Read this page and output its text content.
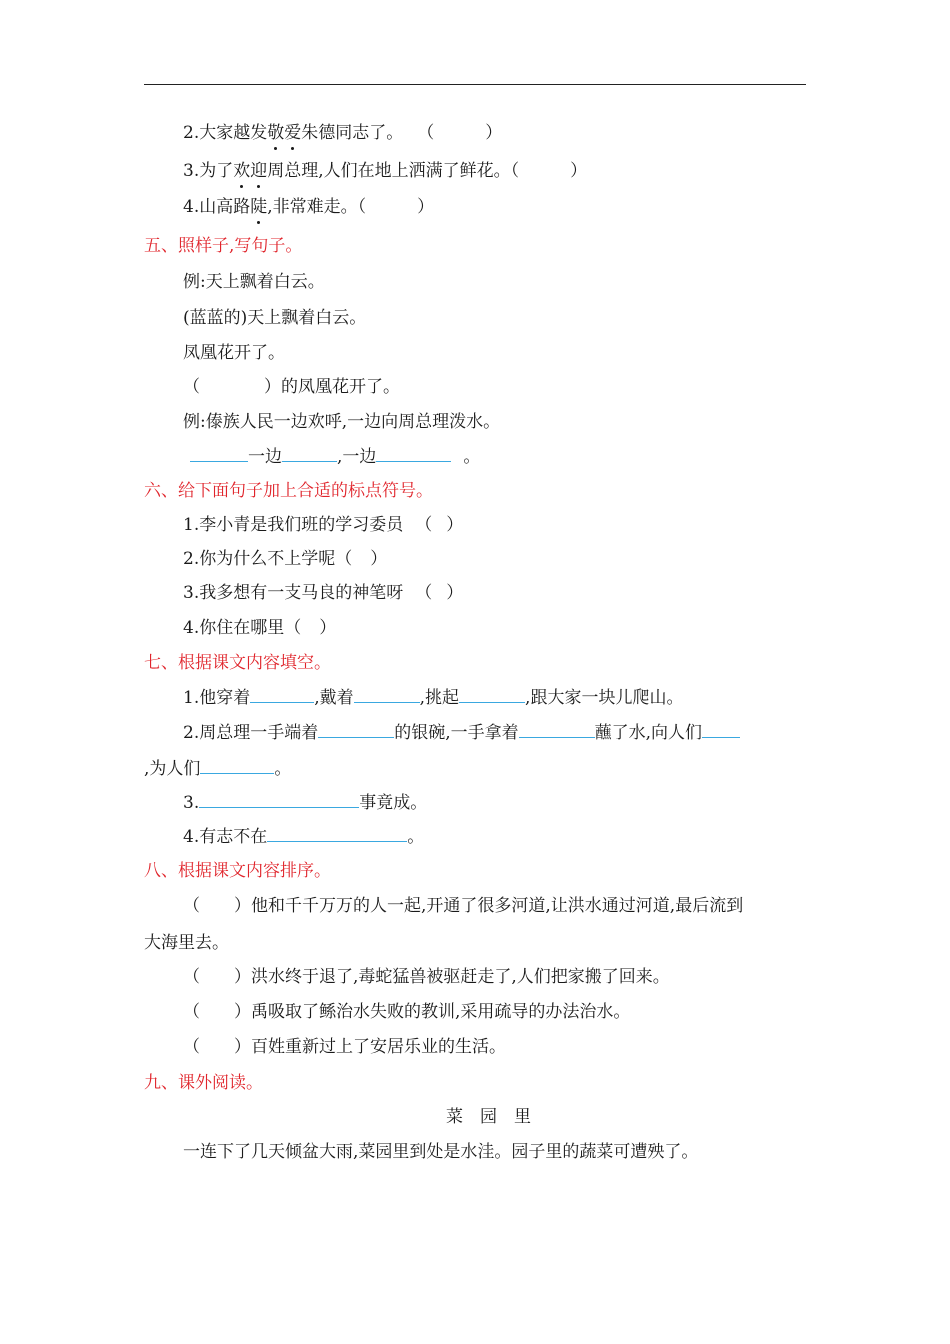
2.大家越发敬爱朱德同志了。 （　　　）
3.为了欢迎周总理,人们在地上洒满了鲜花。（　　　）
4.山高路陡,非常难走。（　　　）
五、照样子,写句子。
例:天上飘着白云。
(蓝蓝的)天上飘着白云。
凤凰花开了。
（	）的凤凰花开了。
例:傣族人民一边欢呼,一边向周总理泼水。
一边	,一边	。
六、给下面句子加上合适的标点符号。
1.李小青是我们班的学习委员 （ ）
2.你为什么不上学呢（ ）
3.我多想有一支马良的神笔呀 （ ）
4.你住在哪里（ ）
七、根据课文内容填空。
1.他穿着	,戴着	,挑起	,跟大家一块儿爬山。
2.周总理一手端着	的银碗,一手拿着	蘸了水,向人们
,为人们	。
3.	事竟成。
4.有志不在	。
八、根据课文内容排序。
（　　）他和千千万万的人一起,开通了很多河道,让洪水通过河道,最后流到
大海里去。
（　　）洪水终于退了,毒蛇猛兽被驱赶走了,人们把家搬了回来。
（　　）禹吸取了鲧治水失败的教训,采用疏导的办法治水。
（　　）百姓重新过上了安居乐业的生活。
九、课外阅读。
菜　园　里
一连下了几天倾盆大雨,菜园里到处是水洼。园子里的蔬菜可遭殃了。
